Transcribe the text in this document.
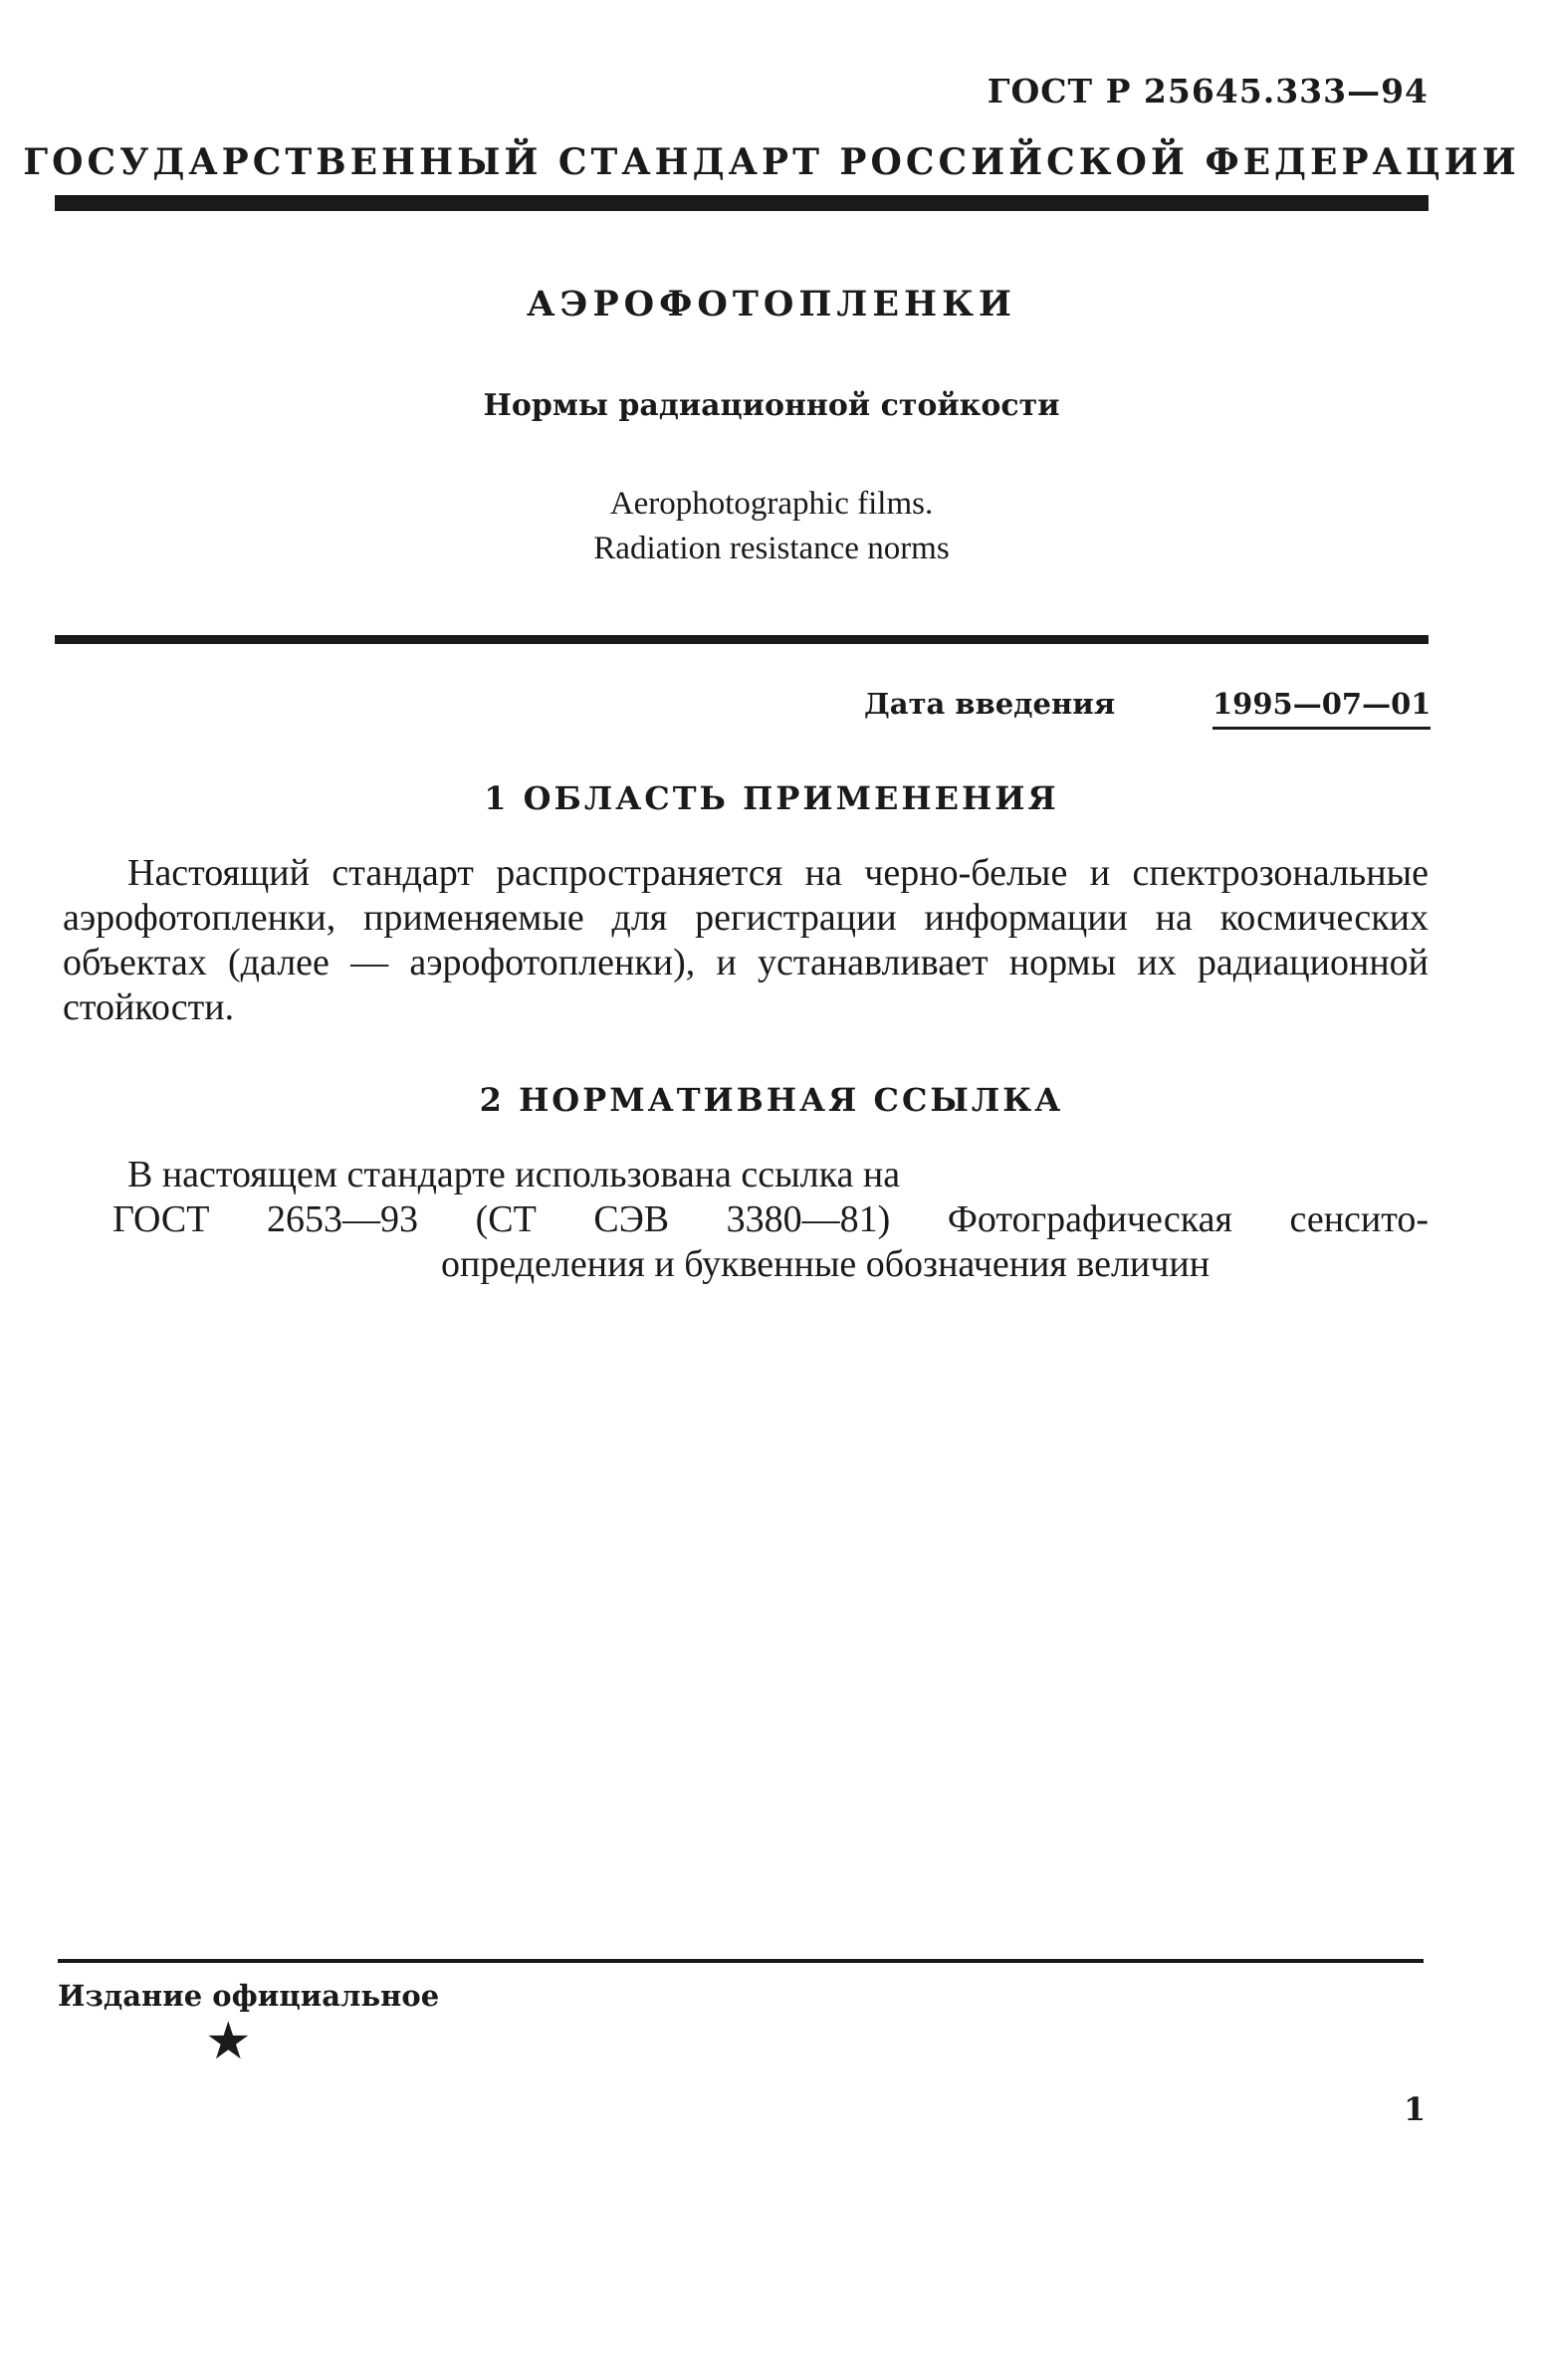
ГОСТ Р 25645.333—94
ГОСУДАРСТВЕННЫЙ СТАНДАРТ РОССИЙСКОЙ ФЕДЕРАЦИИ
АЭРОФОТОПЛЕНКИ
Нормы радиационной стойкости
Aerophotographic films.
Radiation resistance norms
Дата введения	1995—07—01
1 ОБЛАСТЬ ПРИМЕНЕНИЯ
Настоящий стандарт распространяется на черно-белые и спектрозональные аэрофотопленки, применяемые для регистрации информации на космических объектах (далее — аэрофотопленки), и устанавливает нормы их радиационной стойкости.
2 НОРМАТИВНАЯ ССЫЛКА
В настоящем стандарте использована ссылка на
ГОСТ 2653—93 (СТ СЭВ 3380—81) Фотографическая сенсито-
определения и буквенные обозначения величин
Издание официальное
★
1
